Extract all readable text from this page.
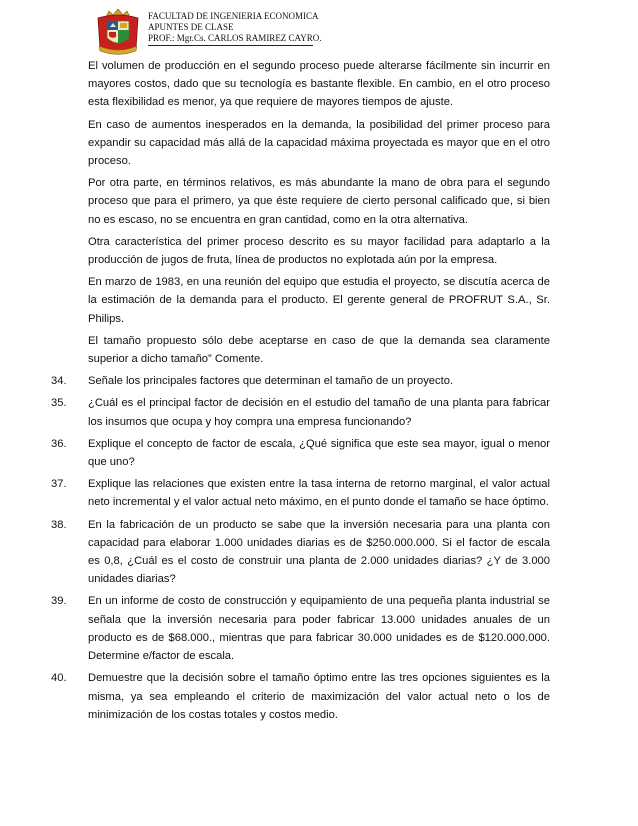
FACULTAD DE INGENIERIA ECONOMICA
APUNTES DE CLASE
PROF.: Mgr.Cs. CARLOS RAMIREZ CAYRO.

El volumen de producción en el segundo proceso puede alterarse fácilmente sin incurrir en mayores costos, dado que su tecnología es bastante flexible. En cambio, en el otro proceso esta flexibilidad es menor, ya que requiere de mayores tiempos de ajuste.

En caso de aumentos inesperados en la demanda, la posibilidad del primer proceso para expandir su capacidad más allá de la capacidad máxima proyectada es mayor que en el otro proceso.

Por otra parte, en términos relativos, es más abundante la mano de obra para el segundo proceso que para el primero, ya que éste requiere de cierto personal calificado que, si bien no es escaso, no se encuentra en gran cantidad, como en la otra alternativa.

Otra característica del primer proceso descrito es su mayor facilidad para adaptarlo a la producción de jugos de fruta, línea de productos no explotada aún por la empresa.

En marzo de 1983, en una reunión del equipo que estudia el proyecto, se discutía acerca de la estimación de la demanda para el producto. El gerente general de PROFRUT S.A., Sr. Philips.

El tamaño propuesto sólo debe aceptarse en caso de que la demanda sea claramente superior a dicho tamaño” Comente.

34.	Señale los principales factores que determinan el tamaño de un proyecto.
35.	¿Cuál es el principal factor de decisión en el estudio del tamaño de una planta para fabricar los insumos que ocupa y hoy compra una empresa funcionando?
36.	Explique el concepto de factor de escala, ¿Qué significa que este sea mayor, igual o menor que uno?
37.	Explique las relaciones que existen entre la tasa interna de retorno marginal, el valor actual neto incremental y el valor actual neto máximo, en el punto donde el tamaño se hace óptimo.
38.	En la fabricación de un producto se sabe que la inversión necesaria para una planta con capacidad para elaborar 1.000 unidades diarias es de $250.000.000. Si el factor de escala es 0,8, ¿Cuál es el costo de construir una planta de 2.000 unidades diarias? ¿Y de 3.000 unidades diarias?
39.	En un informe de costo de construcción y equipamiento de una pequeña planta industrial se señala que la inversión necesaria para poder fabricar 13.000 unidades anuales de un producto es de $68.000., mientras que para fabricar 30.000 unidades es de $120.000.000. Determine e/factor de escala.
40.	Demuestre que la decisión sobre el tamaño óptimo entre las tres opciones siguientes es la misma, ya sea empleando el criterio de maximización del valor actual neto o los de minimización de los costas totales y costos medio.
